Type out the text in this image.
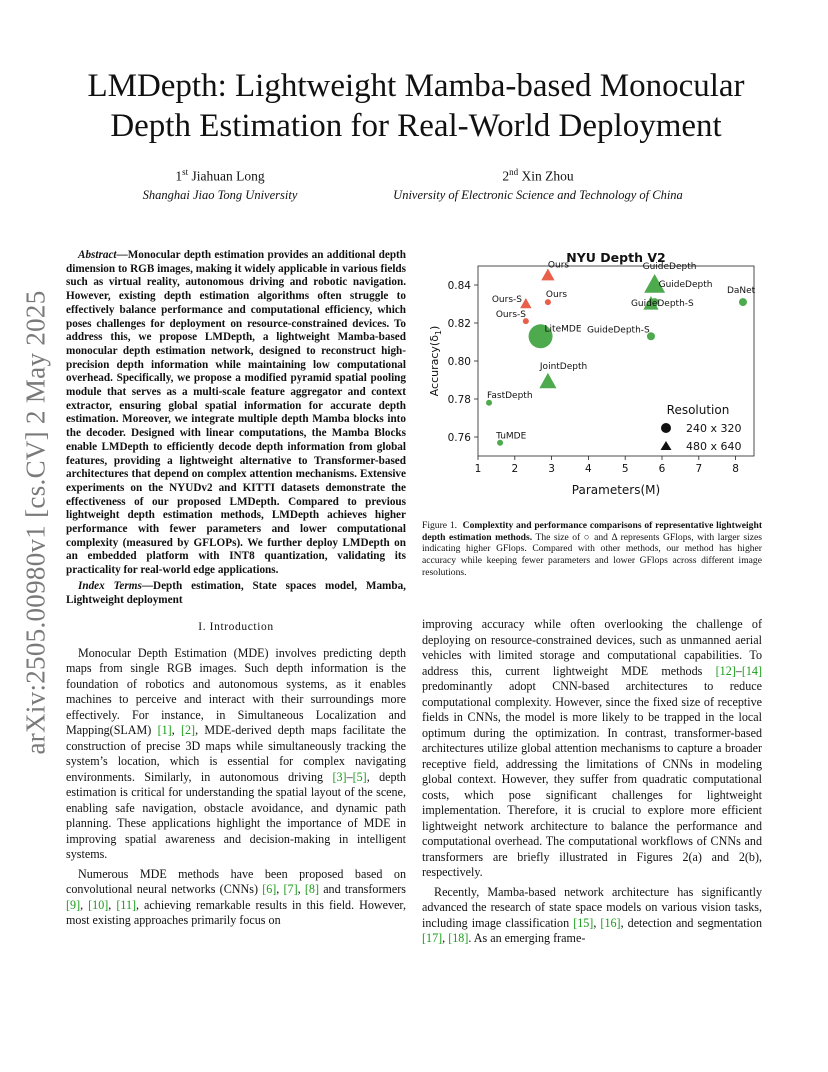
arXiv:2505.00980v1 [cs.CV] 2 May 2025
LMDepth: Lightweight Mamba-based Monocular Depth Estimation for Real-World Deployment
1st Jiahuan Long
Shanghai Jiao Tong University
2nd Xin Zhou
University of Electronic Science and Technology of China

Abstract—Monocular depth estimation provides an additional depth dimension to RGB images, making it widely applicable in various fields such as virtual reality, autonomous driving and robotic navigation. However, existing depth estimation algorithms often struggle to effectively balance performance and computational efficiency, which poses challenges for deployment on resource-constrained devices. To address this, we propose LMDepth, a lightweight Mamba-based monocular depth estimation network, designed to reconstruct high-precision depth information while maintaining low computational overhead. Specifically, we propose a modified pyramid spatial pooling module that serves as a multi-scale feature aggregator and context extractor, ensuring global spatial information for accurate depth estimation. Moreover, we integrate multiple depth Mamba blocks into the decoder. Designed with linear computations, the Mamba Blocks enable LMDepth to efficiently decode depth information from global features, providing a lightweight alternative to Transformer-based architectures that depend on complex attention mechanisms. Extensive experiments on the NYUDv2 and KITTI datasets demonstrate the effectiveness of our proposed LMDepth. Compared to previous lightweight depth estimation methods, LMDepth achieves higher performance with fewer parameters and lower computational complexity (measured by GFLOPs). We further deploy LMDepth on an embedded platform with INT8 quantization, validating its practicality for real-world edge applications.

Index Terms—Depth estimation, State spaces model, Mamba, Lightweight deployment

I. Introduction

Monocular Depth Estimation (MDE) involves predicting depth maps from single RGB images. Such depth information is the foundation of robotics and autonomous systems, as it enables machines to perceive and interact with their surroundings more effectively. For instance, in Simultaneous Localization and Mapping(SLAM) [1], [2], MDE-derived depth maps facilitate the construction of precise 3D maps while simultaneously tracking the system’s location, which is essential for complex navigating environments. Similarly, in autonomous driving [3]–[5], depth estimation is critical for understanding the spatial layout of the scene, enabling safe navigation, obstacle avoidance, and dynamic path planning. These applications highlight the importance of MDE in improving spatial awareness and decision-making in intelligent systems.

Numerous MDE methods have been proposed based on convolutional neural networks (CNNs) [6], [7], [8] and transformers [9], [10], [11], achieving remarkable results in this field. However, most existing approaches primarily focus on

NYU Depth V2
0.76
0.78
0.80
0.82
0.84
1	2	3	4	5	6	7	8
Ours
Ours
Ours-S
Ours-S
GuideDepth
GuideDepth-S
GuideDepth
DaNet
LiteMDE GuideDepth-S
JointDepth
FastDepth
TuMDE
Parameters(M)
$Accuracy(\delta_1)$
Resolution
240 x 320
480 x 640
Figure 1. Complextity and performance comparisons of representative lightweight depth estimation methods. The size of ○ and Δ represents GFlops, with larger sizes indicating higher GFlops. Compared with other methods, our method has higher accuracy while keeping fewer parameters and lower GFlops across different image resolutions.

improving accuracy while often overlooking the challenge of deploying on resource-constrained devices, such as unmanned aerial vehicles with limited storage and computational capabilities. To address this, current lightweight MDE methods [12]–[14] predominantly adopt CNN-based architectures to reduce computational complexity. However, since the fixed size of receptive fields in CNNs, the model is more likely to be trapped in the local optimum during the optimization. In contrast, transformer-based architectures utilize global attention mechanisms to capture a broader receptive field, addressing the limitations of CNNs in modeling global context. However, they suffer from quadratic computational costs, which pose significant challenges for lightweight implementation. Therefore, it is crucial to explore more efficient lightweight network architecture to balance the performance and computational overhead. The computational workflows of CNNs and transformers are briefly illustrated in Figures 2(a) and 2(b), respectively.

Recently, Mamba-based network architecture has significantly advanced the research of state space models on various vision tasks, including image classification [15], [16], detection and segmentation [17], [18]. As an emerging frame-
